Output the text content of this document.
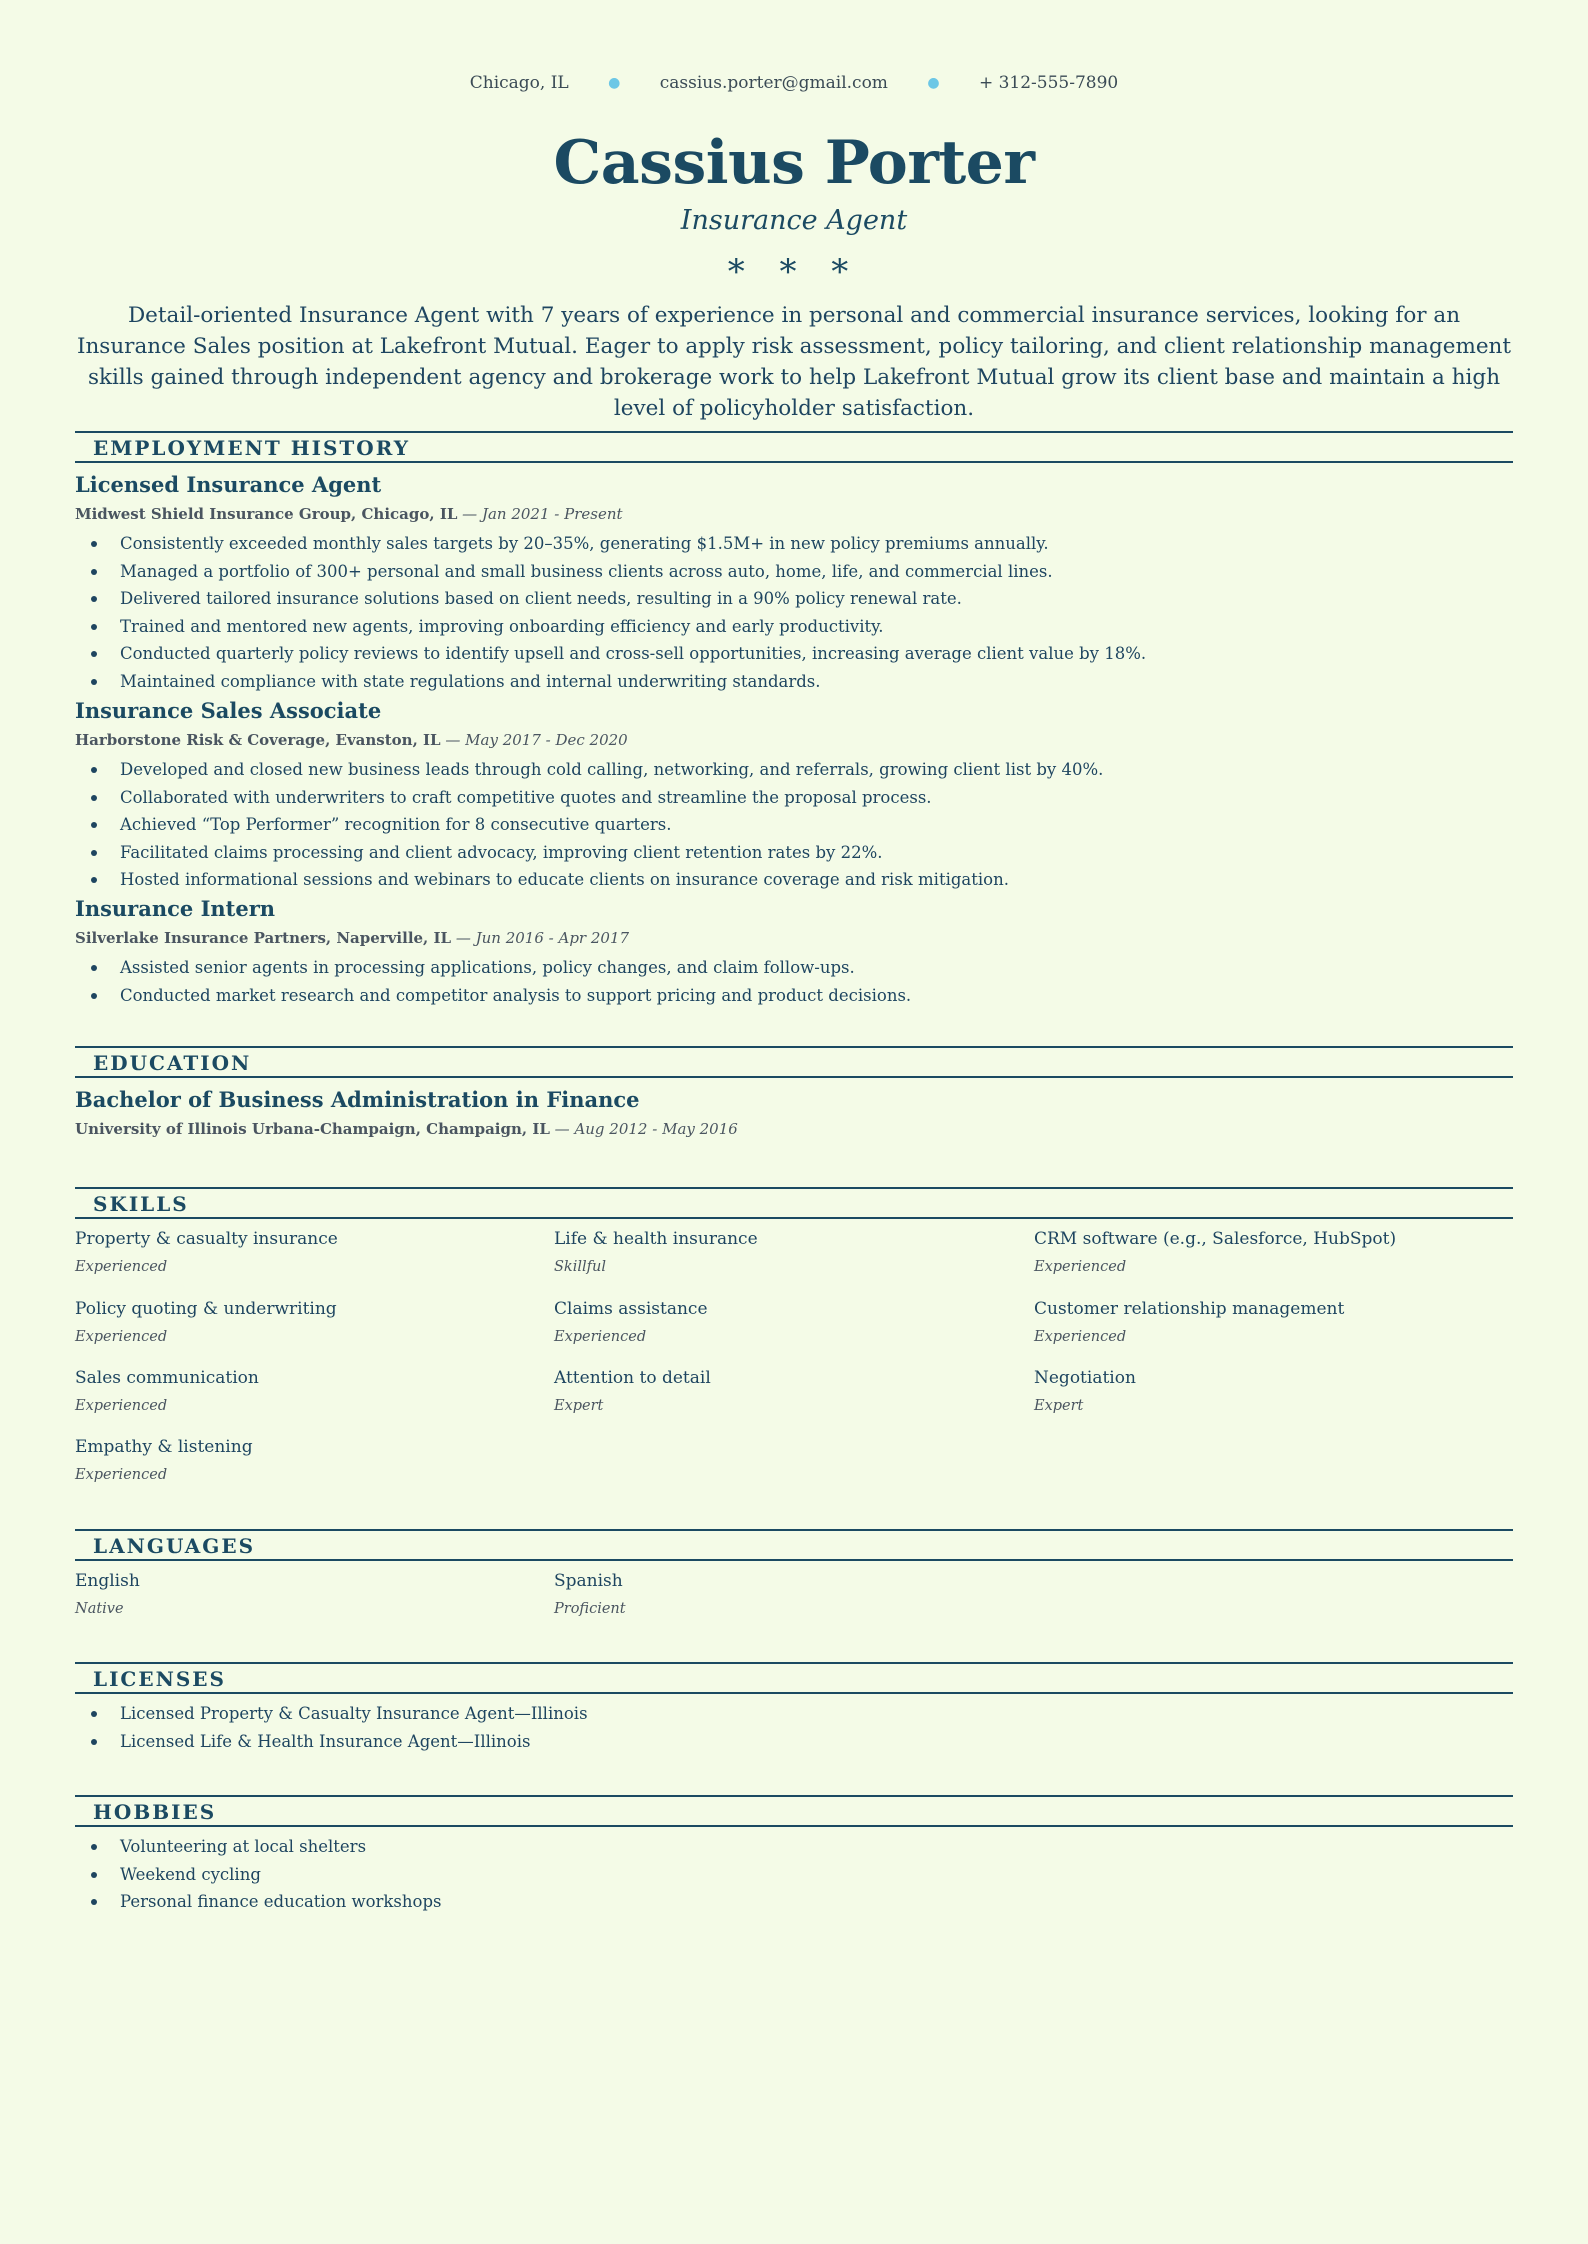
Chicago, IL	● cassius.porter@gmail.com	● + 312-555-7890
Cassius Porter
Insurance Agent
* * *
Detail-oriented Insurance Agent with 7 years of experience in personal and commercial insurance services, looking for an Insurance Sales position at Lakefront Mutual. Eager to apply risk assessment, policy tailoring, and client relationship management skills gained through independent agency and brokerage work to help Lakefront Mutual grow its client base and maintain a high level of policyholder satisfaction.
EMPLOYMENT HISTORY
Licensed Insurance Agent
Midwest Shield Insurance Group, Chicago, IL — Jan 2021 - Present
Consistently exceeded monthly sales targets by 20–35%, generating $1.5M+ in new policy premiums annually.
Managed a portfolio of 300+ personal and small business clients across auto, home, life, and commercial lines.
Delivered tailored insurance solutions based on client needs, resulting in a 90% policy renewal rate.
Trained and mentored new agents, improving onboarding efficiency and early productivity.
Conducted quarterly policy reviews to identify upsell and cross-sell opportunities, increasing average client value by 18%.
Maintained compliance with state regulations and internal underwriting standards.
Insurance Sales Associate
Harborstone Risk & Coverage, Evanston, IL — May 2017 - Dec 2020
Developed and closed new business leads through cold calling, networking, and referrals, growing client list by 40%.
Collaborated with underwriters to craft competitive quotes and streamline the proposal process.
Achieved “Top Performer” recognition for 8 consecutive quarters.
Facilitated claims processing and client advocacy, improving client retention rates by 22%.
Hosted informational sessions and webinars to educate clients on insurance coverage and risk mitigation.
Insurance Intern
Silverlake Insurance Partners, Naperville, IL — Jun 2016 - Apr 2017
Assisted senior agents in processing applications, policy changes, and claim follow-ups.
Conducted market research and competitor analysis to support pricing and product decisions.
EDUCATION
Bachelor of Business Administration in Finance
University of Illinois Urbana-Champaign, Champaign, IL — Aug 2012 - May 2016
SKILLS
Property & casualty insurance
Experienced
Life & health insurance
Skillful
CRM software (e.g., Salesforce, HubSpot)
Experienced
Policy quoting & underwriting
Experienced
Claims assistance
Experienced
Customer relationship management
Experienced
Sales communication
Experienced
Attention to detail
Expert
Negotiation
Expert
Empathy & listening
Experienced
LANGUAGES
English
Native
Spanish
Proficient
LICENSES
Licensed Property & Casualty Insurance Agent—Illinois
Licensed Life & Health Insurance Agent—Illinois
HOBBIES
Volunteering at local shelters
Weekend cycling
Personal finance education workshops
